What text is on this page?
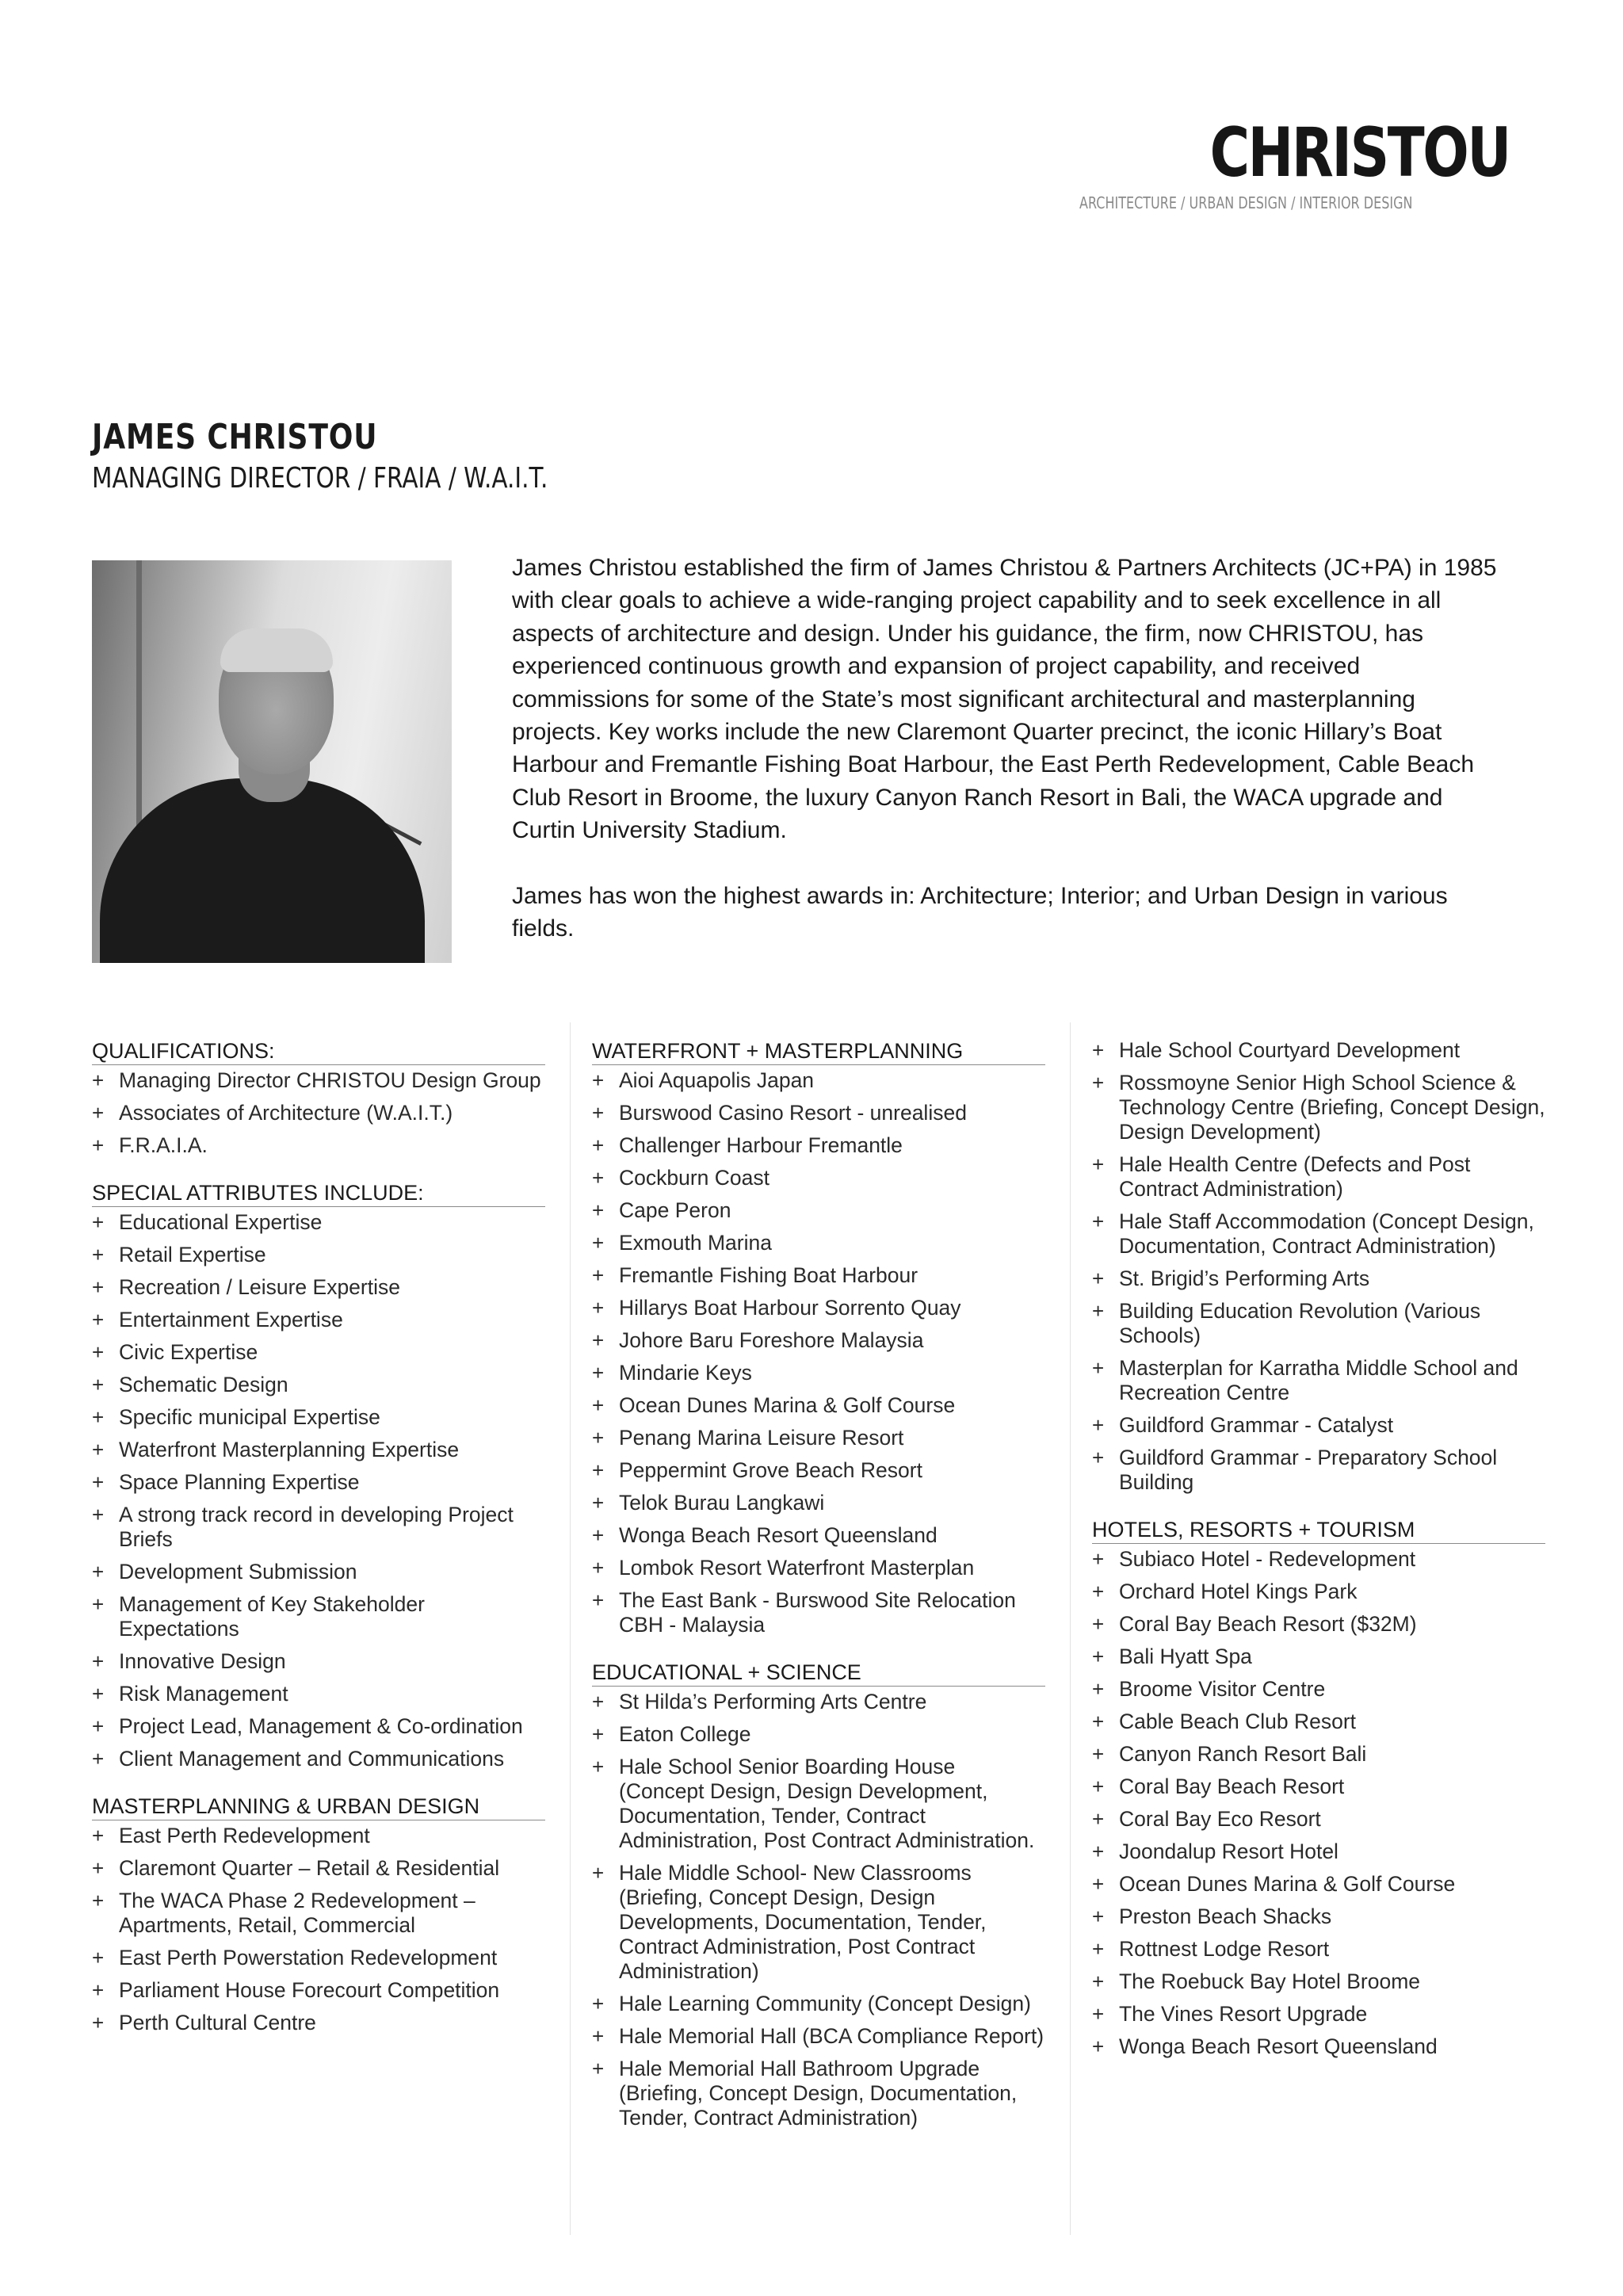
CHRISTOU
ARCHITECTURE / URBAN DESIGN / INTERIOR DESIGN
JAMES CHRISTOU
MANAGING DIRECTOR / FRAIA / W.A.I.T.

James Christou established the firm of James Christou & Partners Architects (JC+PA) in 1985 with clear goals to achieve a wide-ranging project capability and to seek excellence in all aspects of architecture and design. Under his guidance, the firm, now CHRISTOU, has experienced continuous growth and expansion of project capability, and received commissions for some of the State’s most significant architectural and masterplanning projects. Key works include the new Claremont Quarter precinct, the iconic Hillary’s Boat Harbour and Fremantle Fishing Boat Harbour, the East Perth Redevelopment, Cable Beach Club Resort in Broome, the luxury Canyon Ranch Resort in Bali, the WACA upgrade and Curtin University Stadium.

James has won the highest awards in: Architecture; Interior; and Urban Design in various fields.

QUALIFICATIONS:
+ Managing Director CHRISTOU Design Group
+ Associates of Architecture (W.A.I.T.)
+ F.R.A.I.A.
SPECIAL ATTRIBUTES INCLUDE:
+ Educational Expertise
+ Retail Expertise
+ Recreation / Leisure Expertise
+ Entertainment Expertise
+ Civic Expertise
+ Schematic Design
+ Specific municipal Expertise
+ Waterfront Masterplanning Expertise
+ Space Planning Expertise
+ A strong track record in developing Project Briefs
+ Development Submission
+ Management of Key Stakeholder Expectations
+ Innovative Design
+ Risk Management
+ Project Lead, Management & Co-ordination
+ Client Management and Communications
MASTERPLANNING & URBAN DESIGN
+ East Perth Redevelopment
+ Claremont Quarter – Retail & Residential
+ The WACA Phase 2 Redevelopment – Apartments, Retail, Commercial
+ East Perth Powerstation Redevelopment
+ Parliament House Forecourt Competition
+ Perth Cultural Centre
WATERFRONT + MASTERPLANNING
+ Aioi Aquapolis Japan
+ Burswood Casino Resort - unrealised
+ Challenger Harbour Fremantle
+ Cockburn Coast
+ Cape Peron
+ Exmouth Marina
+ Fremantle Fishing Boat Harbour
+ Hillarys Boat Harbour Sorrento Quay
+ Johore Baru Foreshore Malaysia
+ Mindarie Keys
+ Ocean Dunes Marina & Golf Course
+ Penang Marina Leisure Resort
+ Peppermint Grove Beach Resort
+ Telok Burau Langkawi
+ Wonga Beach Resort Queensland
+ Lombok Resort Waterfront Masterplan
+ The East Bank - Burswood Site Relocation CBH - Malaysia
EDUCATIONAL + SCIENCE
+ St Hilda’s Performing Arts Centre
+ Eaton College
+ Hale School Senior Boarding House (Concept Design, Design Development, Documentation, Tender, Contract Administration, Post Contract Administration.
+ Hale Middle School- New Classrooms (Briefing, Concept Design, Design Developments, Documentation, Tender, Contract Administration, Post Contract Administration)
+ Hale Learning Community (Concept Design)
+ Hale Memorial Hall (BCA Compliance Report)
+ Hale Memorial Hall Bathroom Upgrade (Briefing, Concept Design, Documentation, Tender, Contract Administration)
+ Hale School Courtyard Development
+ Rossmoyne Senior High School Science & Technology Centre (Briefing, Concept Design, Design Development)
+ Hale Health Centre (Defects and Post Contract Administration)
+ Hale Staff Accommodation (Concept Design, Documentation, Contract Administration)
+ St. Brigid’s Performing Arts
+ Building Education Revolution (Various Schools)
+ Masterplan for Karratha Middle School and Recreation Centre
+ Guildford Grammar - Catalyst
+ Guildford Grammar - Preparatory School Building
HOTELS, RESORTS + TOURISM
+ Subiaco Hotel - Redevelopment
+ Orchard Hotel Kings Park
+ Coral Bay Beach Resort ($32M)
+ Bali Hyatt Spa
+ Broome Visitor Centre
+ Cable Beach Club Resort
+ Canyon Ranch Resort Bali
+ Coral Bay Beach Resort
+ Coral Bay Eco Resort
+ Joondalup Resort Hotel
+ Ocean Dunes Marina & Golf Course
+ Preston Beach Shacks
+ Rottnest Lodge Resort
+ The Roebuck Bay Hotel Broome
+ The Vines Resort Upgrade
+ Wonga Beach Resort Queensland
